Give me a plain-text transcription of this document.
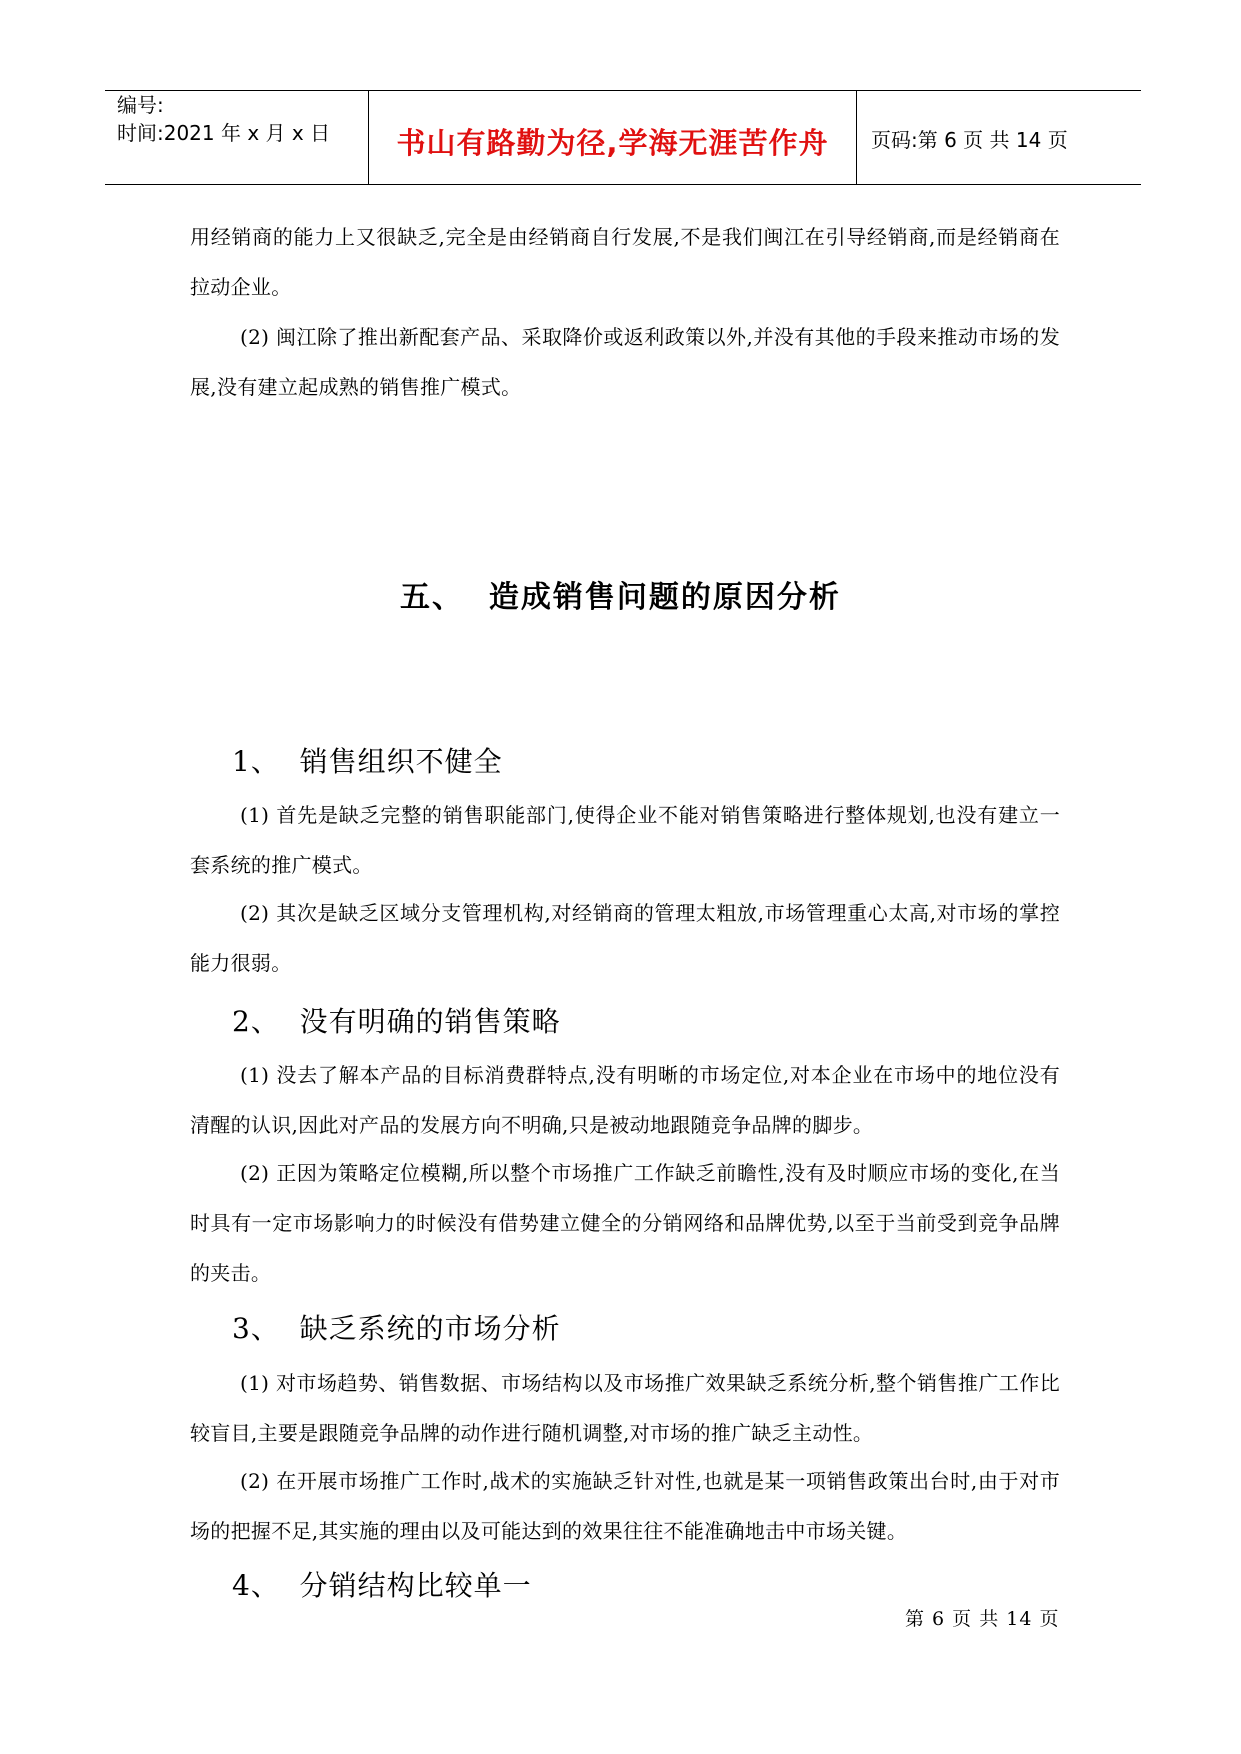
编号:
时间:2021 年 x 月 x 日	书山有路勤为径,学海无涯苦作舟	页码:第 6 页 共 14 页
用经销商的能力上又很缺乏,完全是由经销商自行发展,不是我们闽江在引导经销商,而是经销商在拉动企业。
(2) 闽江除了推出新配套产品、采取降价或返利政策以外,并没有其他的手段来推动市场的发展,没有建立起成熟的销售推广模式。
五、  造成销售问题的原因分析
1、  销售组织不健全
(1) 首先是缺乏完整的销售职能部门,使得企业不能对销售策略进行整体规划,也没有建立一套系统的推广模式。
(2) 其次是缺乏区域分支管理机构,对经销商的管理太粗放,市场管理重心太高,对市场的掌控能力很弱。
2、  没有明确的销售策略
(1) 没去了解本产品的目标消费群特点,没有明晰的市场定位,对本企业在市场中的地位没有清醒的认识,因此对产品的发展方向不明确,只是被动地跟随竞争品牌的脚步。
(2) 正因为策略定位模糊,所以整个市场推广工作缺乏前瞻性,没有及时顺应市场的变化,在当时具有一定市场影响力的时候没有借势建立健全的分销网络和品牌优势,以至于当前受到竞争品牌的夹击。
3、  缺乏系统的市场分析
(1) 对市场趋势、销售数据、市场结构以及市场推广效果缺乏系统分析,整个销售推广工作比较盲目,主要是跟随竞争品牌的动作进行随机调整,对市场的推广缺乏主动性。
(2) 在开展市场推广工作时,战术的实施缺乏针对性,也就是某一项销售政策出台时,由于对市场的把握不足,其实施的理由以及可能达到的效果往往不能准确地击中市场关键。
4、  分销结构比较单一
第 6 页 共 14 页
